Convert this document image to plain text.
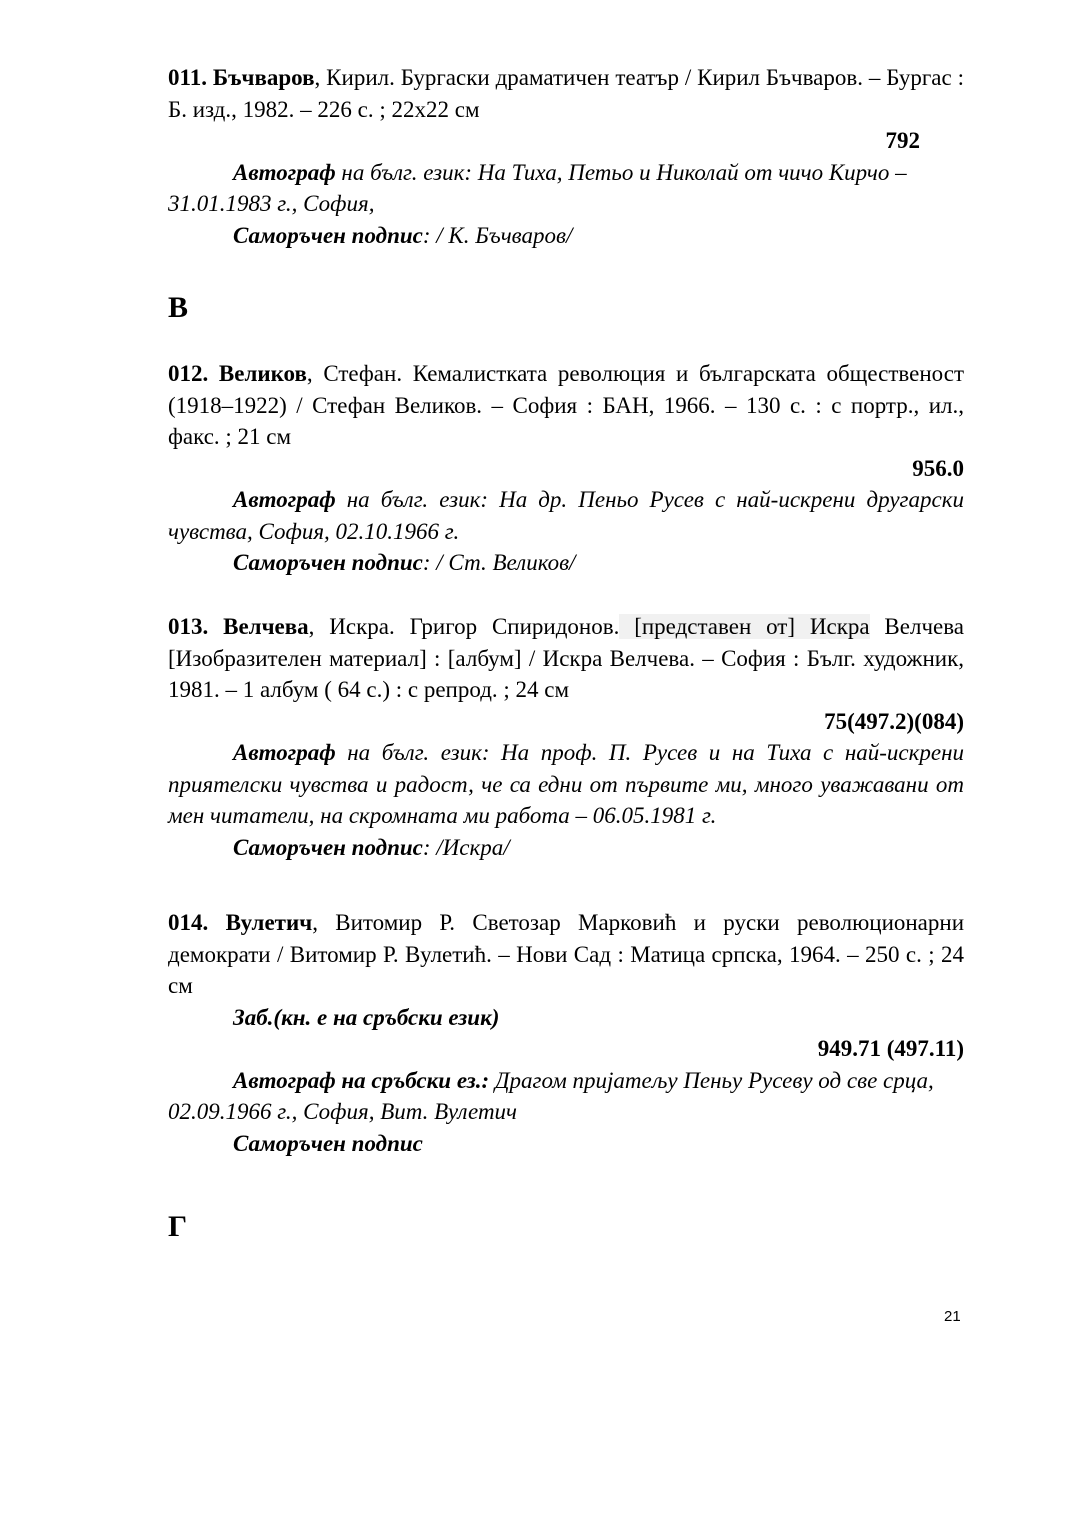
011. Бъчваров, Кирил. Бургаски драматичен театър / Кирил Бъчваров. – Бургас : Б. изд., 1982. – 226 с. ; 22х22 см

792

Автограф на бълг. език: На Тиха, Петьо и Николай от чичо Кирчо – 31.01.1983 г., София,

Саморъчен подпис: / К. Бъчваров/

В

012. Великов, Стефан. Кемалистката революция и българската общественост (1918–1922) / Стефан Великов. – София : БАН, 1966. – 130 с. : с портр., ил., факс. ; 21 см

956.0

Автограф на бълг. език: На др. Пеньо Русев с най-искрени другарски чувства, София, 02.10.1966 г.

Саморъчен подпис: / Ст. Великов/

013. Велчева, Искра. Григор Спиридонов. [представен от] Искра Велчева [Изобразителен материал] : [албум] / Искра Велчева. – София : Бълг. художник, 1981. – 1 албум ( 64 с.) : с репрод. ; 24 см

75(497.2)(084)

Автограф на бълг. език: На проф. П. Русев и на Тиха с най-искрени приятелски чувства и радост, че са едни от първите ми, много уважавани от мен читатели, на скромната ми работа – 06.05.1981 г.

Саморъчен подпис: /Искра/

014. Вулетич, Витомир Р. Светозар Марковић и руски революционарни демократи / Витомир Р. Вулетић. – Нови Сад : Матица српска, 1964. – 250 с. ; 24 см

Заб.(кн. е на сръбски език)

949.71 (497.11)

Автограф на сръбски ез.: Драгом пријатељу Пеньу Русеву од све срца, 02.09.1966 г., София, Вит. Вулетич

Саморъчен подпис

Г

21
